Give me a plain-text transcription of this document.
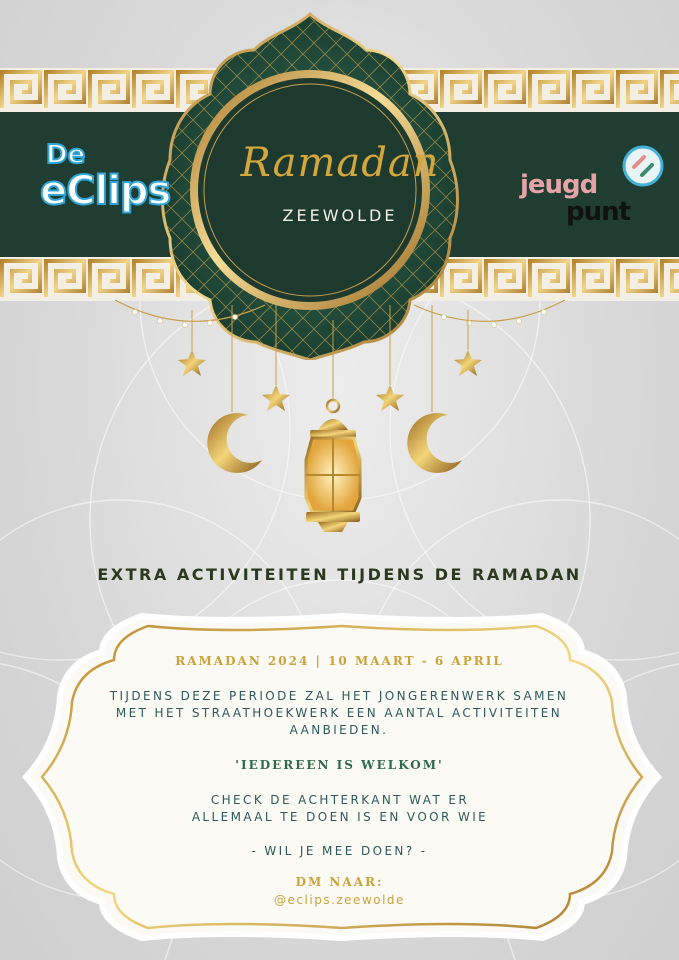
Ramadan
ZEEWOLDE
De
eClips	jeugd
punt
EXTRA ACTIVITEITEN TIJDENS DE RAMADAN
RAMADAN 2024 | 10 MAART - 6 APRIL
TIJDENS DEZE PERIODE ZAL HET JONGERENWERK SAMEN
MET HET STRAATHOEKWERK EEN AANTAL ACTIVITEITEN
AANBIEDEN.
'IEDEREEN IS WELKOM'
CHECK DE ACHTERKANT WAT ER
ALLEMAAL TE DOEN IS EN VOOR WIE
- WIL JE MEE DOEN? -
DM NAAR:
@eclips.zeewolde
